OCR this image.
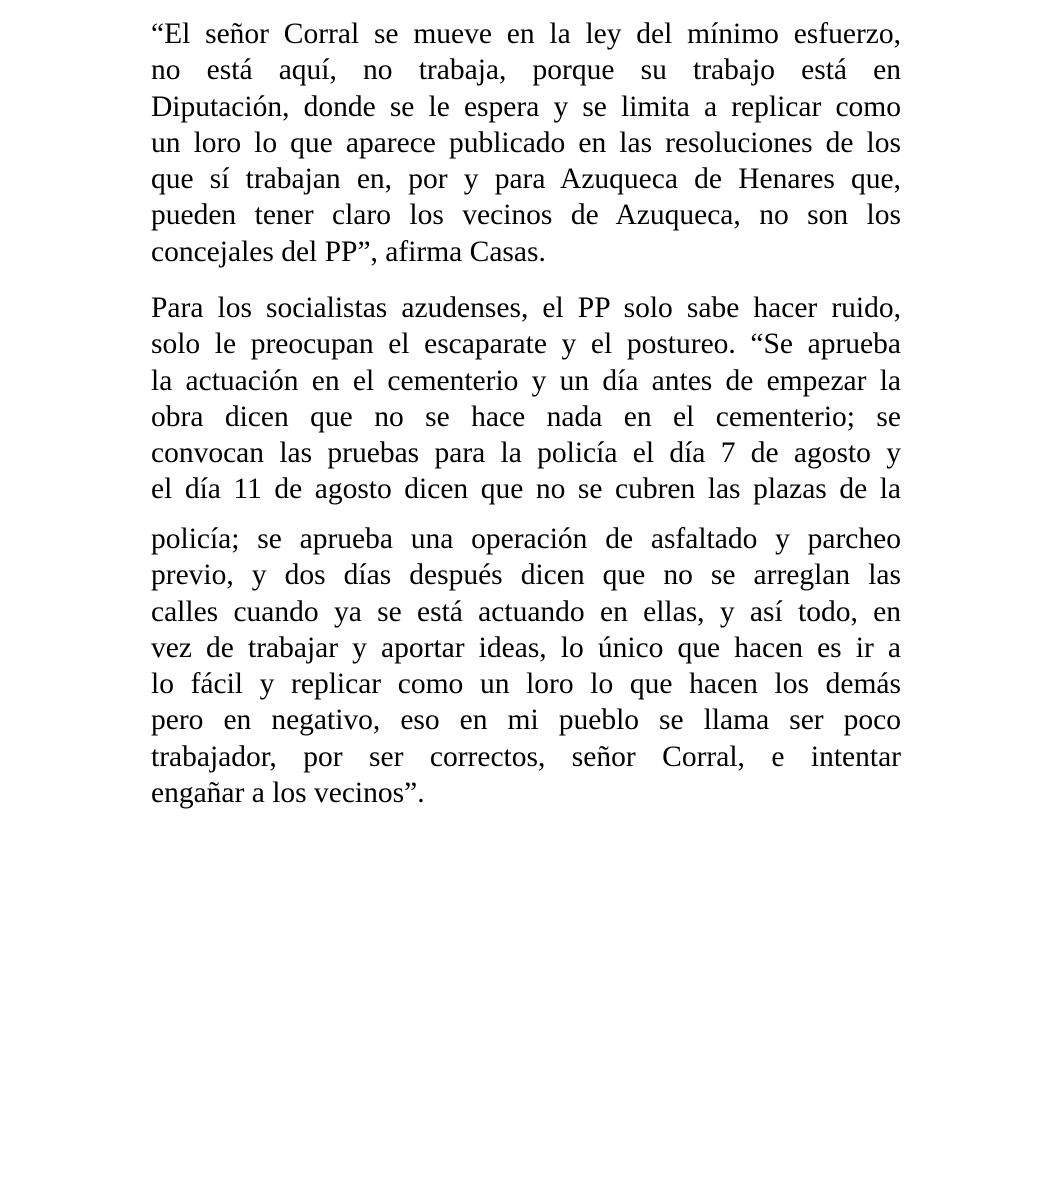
“El señor Corral se mueve en la ley del mínimo esfuerzo,
no está aquí, no trabaja, porque su trabajo está en
Diputación, donde se le espera y se limita a replicar como
un loro lo que aparece publicado en las resoluciones de los
que sí trabajan en, por y para Azuqueca de Henares que,
pueden tener claro los vecinos de Azuqueca, no son los
concejales del PP”, afirma Casas.
Para los socialistas azudenses, el PP solo sabe hacer ruido,
solo le preocupan el escaparate y el postureo. “Se aprueba
la actuación en el cementerio y un día antes de empezar la
obra dicen que no se hace nada en el cementerio; se
convocan las pruebas para la policía el día 7 de agosto y
el día 11 de agosto dicen que no se cubren las plazas de la
policía; se aprueba una operación de asfaltado y parcheo
previo, y dos días después dicen que no se arreglan las
calles cuando ya se está actuando en ellas, y así todo, en
vez de trabajar y aportar ideas, lo único que hacen es ir a
lo fácil y replicar como un loro lo que hacen los demás
pero en negativo, eso en mi pueblo se llama ser poco
trabajador, por ser correctos, señor Corral, e intentar
engañar a los vecinos”.
